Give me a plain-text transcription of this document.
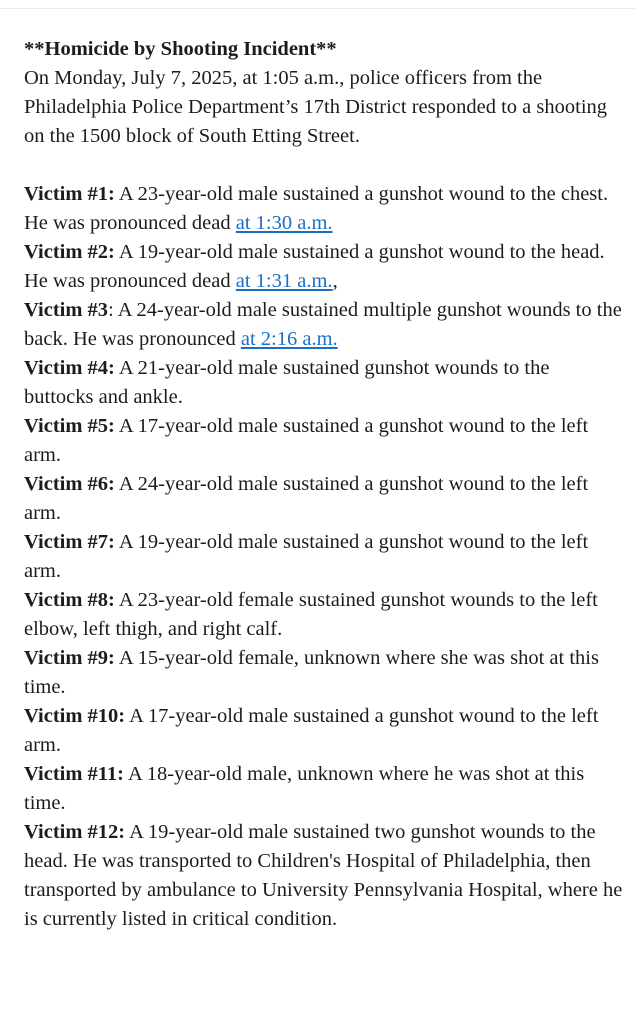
**Homicide by Shooting Incident**

On Monday, July 7, 2025, at 1:05 a.m., police officers from the Philadelphia Police Department’s 17th District responded to a shooting on the 1500 block of South Etting Street.

Victim #1: A 23-year-old male sustained a gunshot wound to the chest. He was pronounced dead at 1:30 a.m.

Victim #2: A 19-year-old male sustained a gunshot wound to the head. He was pronounced dead at 1:31 a.m.,

Victim #3: A 24-year-old male sustained multiple gunshot wounds to the back. He was pronounced at 2:16 a.m.

Victim #4: A 21-year-old male sustained gunshot wounds to the buttocks and ankle.

Victim #5: A 17-year-old male sustained a gunshot wound to the left arm.

Victim #6: A 24-year-old male sustained a gunshot wound to the left arm.

Victim #7: A 19-year-old male sustained a gunshot wound to the left arm.

Victim #8: A 23-year-old female sustained gunshot wounds to the left elbow, left thigh, and right calf.

Victim #9: A 15-year-old female, unknown where she was shot at this time.

Victim #10: A 17-year-old male sustained a gunshot wound to the left arm.

Victim #11: A 18-year-old male, unknown where he was shot at this time.

Victim #12: A 19-year-old male sustained two gunshot wounds to the head. He was transported to Children's Hospital of Philadelphia, then transported by ambulance to University Pennsylvania Hospital, where he is currently listed in critical condition.
